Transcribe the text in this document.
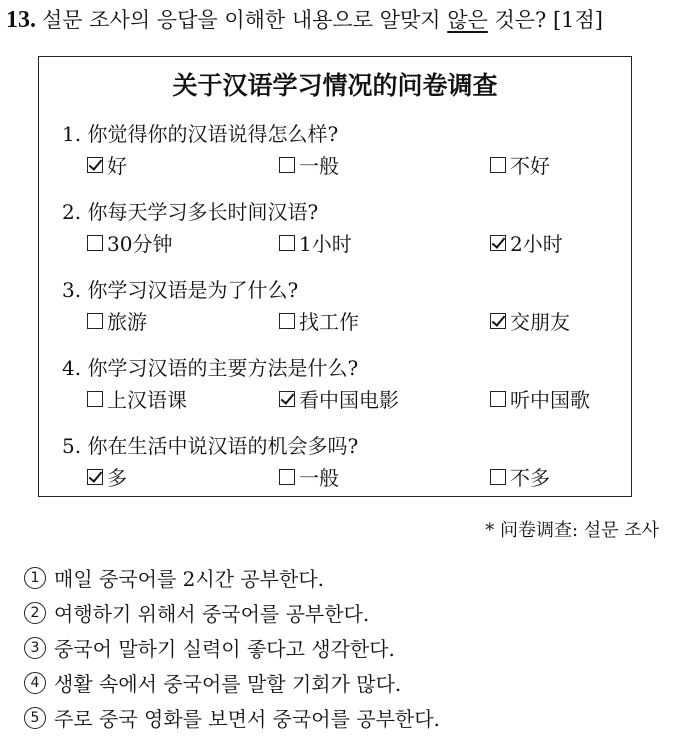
13. 설문 조사의 응답을 이해한 내용으로 알맞지 않은 것은? [1점]
关于汉语学习情况的问卷调查
1. 你觉得你的汉语说得怎么样?
好	一般	不好
2. 你每天学习多长时间汉语?
30分钟	1小时	2小时
3. 你学习汉语是为了什么?
旅游	找工作	交朋友
4. 你学习汉语的主要方法是什么?
上汉语课	看中国电影	听中国歌
5. 你在生活中说汉语的机会多吗?
多	一般	不多
* 问卷调查: 설문 조사
1 매일 중국어를 2시간 공부한다.
2 여행하기 위해서 중국어를 공부한다.
3 중국어 말하기 실력이 좋다고 생각한다.
4 생활 속에서 중국어를 말할 기회가 많다.
5 주로 중국 영화를 보면서 중국어를 공부한다.
